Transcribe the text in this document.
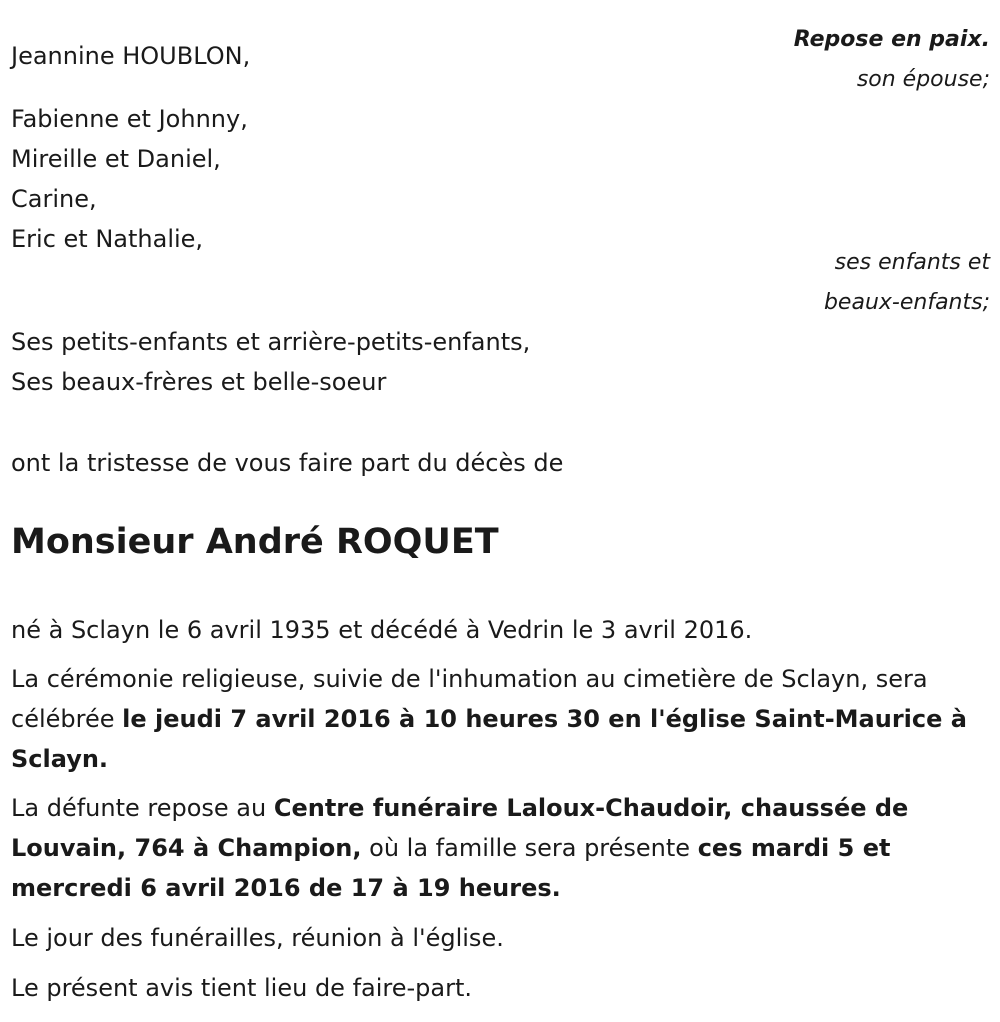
Repose en paix.
son épouse;
ses enfants et
beaux-enfants;
Jeannine HOUBLON,
Fabienne et Johnny,
Mireille et Daniel,
Carine,
Eric et Nathalie,
Ses petits-enfants et arrière-petits-enfants,
Ses beaux-frères et belle-soeur
ont la tristesse de vous faire part du décès de
Monsieur André ROQUET
né à Sclayn le 6 avril 1935 et décédé à Vedrin le 3 avril 2016.
La cérémonie religieuse, suivie de l'inhumation au cimetière de Sclayn, sera célébrée le jeudi 7 avril 2016 à 10 heures 30 en l'église Saint-Maurice à Sclayn.
La défunte repose au Centre funéraire Laloux-Chaudoir, chaussée de Louvain, 764 à Champion, où la famille sera présente ces mardi 5 et mercredi 6 avril 2016 de 17 à 19 heures.
Le jour des funérailles, réunion à l'église.
Le présent avis tient lieu de faire-part.
